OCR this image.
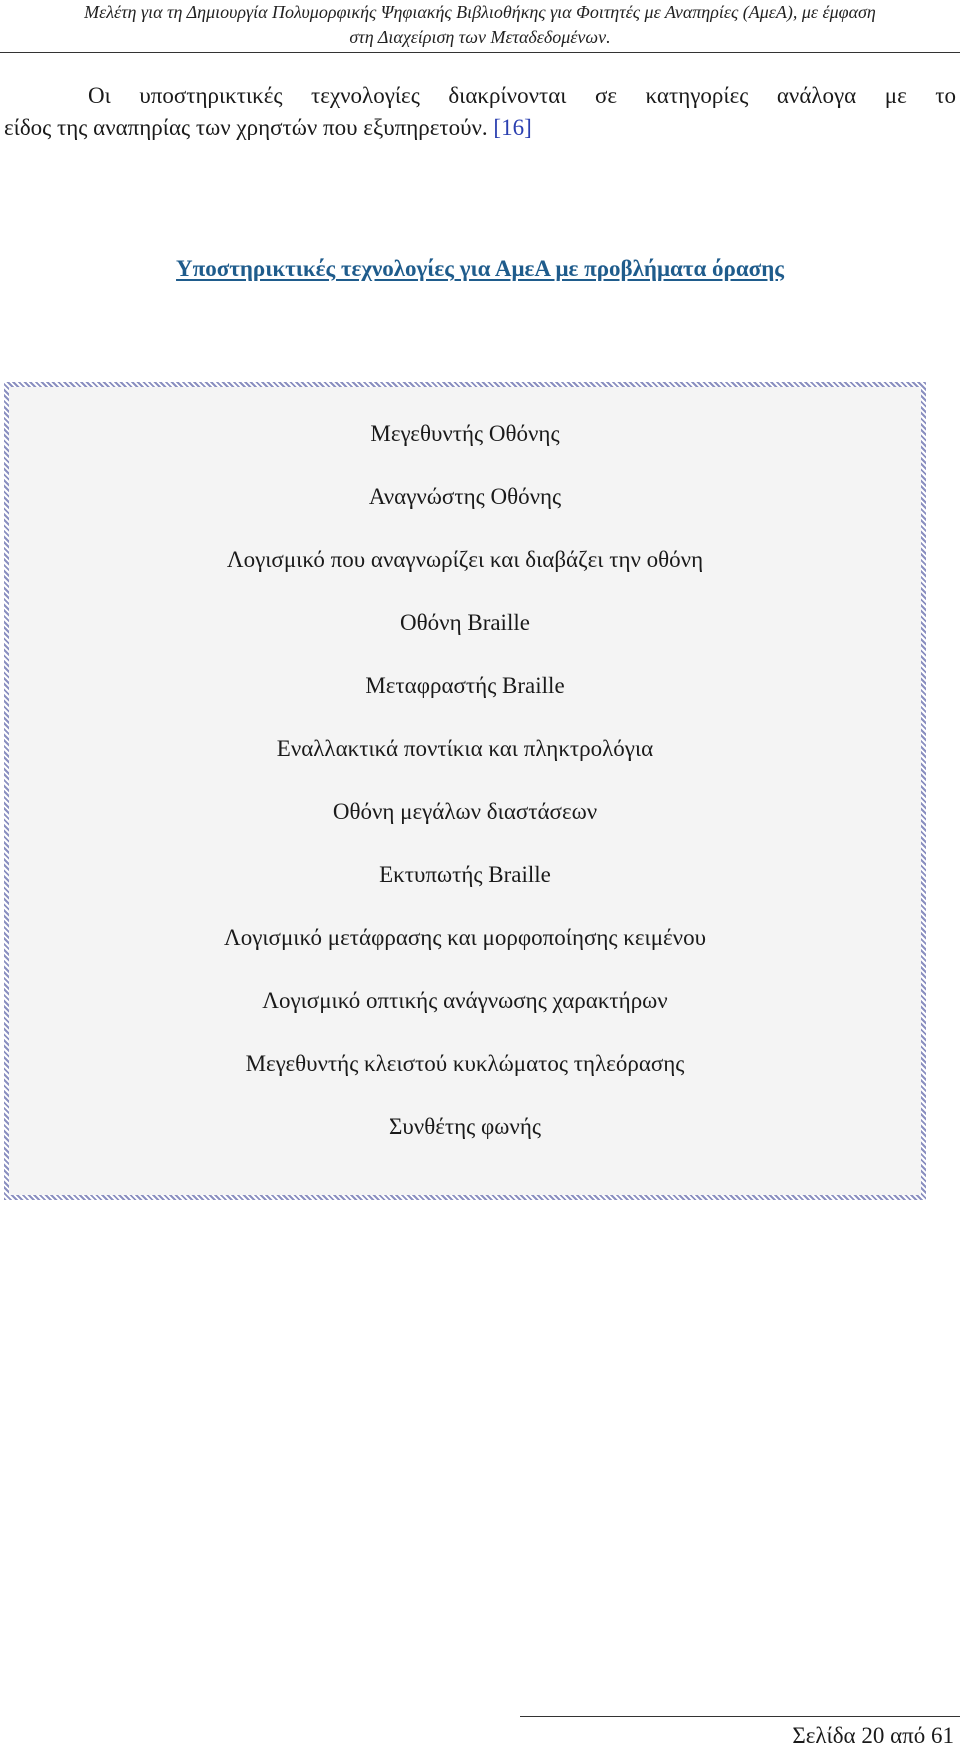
Μελέτη για τη Δημιουργία Πολυμορφικής Ψηφιακής Βιβλιοθήκης για Φοιτητές με Αναπηρίες (ΑμεΑ), με έμφαση
στη Διαχείριση των Μεταδεδομένων.

Οι υποστηρικτικές τεχνολογίες διακρίνονται σε κατηγορίες ανάλογα με το
είδος της αναπηρίας των χρηστών που εξυπηρετούν. [16]

Υποστηρικτικές τεχνολογίες για ΑμεΑ με προβλήματα όρασης
Μεγεθυντής Οθόνης
Αναγνώστης Οθόνης
Λογισμικό που αναγνωρίζει και διαβάζει την οθόνη
Οθόνη Braille
Μεταφραστής Braille
Εναλλακτικά ποντίκια και πληκτρολόγια
Οθόνη μεγάλων διαστάσεων
Εκτυπωτής Braille
Λογισμικό μετάφρασης και μορφοποίησης κειμένου
Λογισμικό οπτικής ανάγνωσης χαρακτήρων
Μεγεθυντής κλειστού κυκλώματος τηλεόρασης
Συνθέτης φωνής
Σελίδα 20 από 61
